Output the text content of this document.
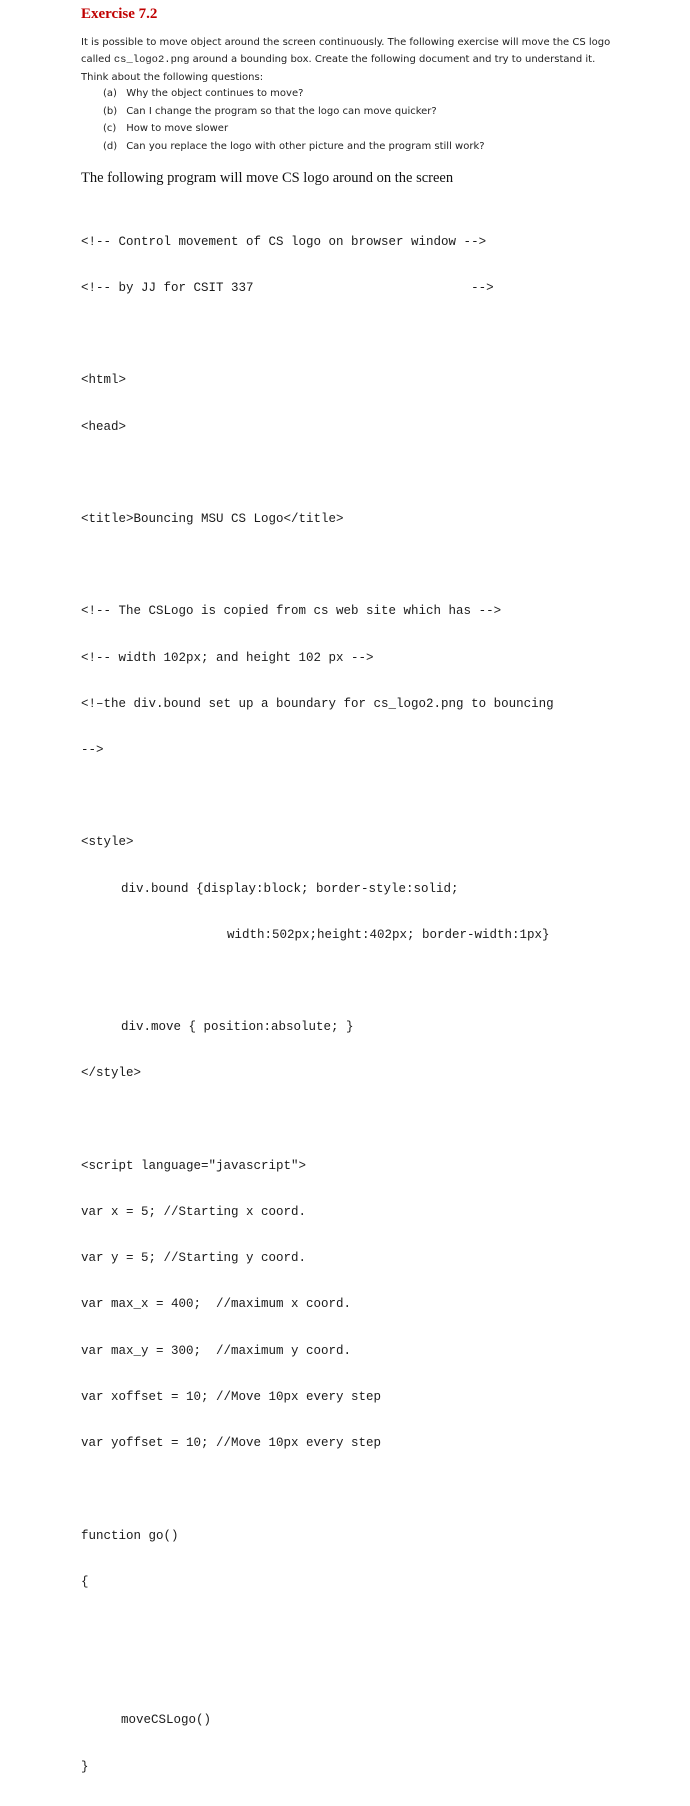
Exercise 7.2

It is possible to move object around the screen continuously. The following exercise will move the CS logo called cs_logo2.png around a bounding box. Create the following document and try to understand it. Think about the following questions:

(a) Why the object continues to move?
(b) Can I change the program so that the logo can move quicker?
(c) How to move slower
(d) Can you replace the logo with other picture and the program still work?
The following program will move CS logo around on the screen

<!-- Control movement of CS logo on browser window -->

<!-- by JJ for CSIT 337                             -->

<html>

<head>

<title>Bouncing MSU CS Logo</title>

<!-- The CSLogo is copied from cs web site which has -->

<!-- width 102px; and height 102 px -->

<!–the div.bound set up a boundary for cs_logo2.png to bouncing

-->

<style>

div.bound {display:block; border-style:solid;

width:502px;height:402px; border-width:1px}

div.move { position:absolute; }

</style>

<script language="javascript">

var x = 5; //Starting x coord.

var y = 5; //Starting y coord.

var max_x = 400;  //maximum x coord.

var max_y = 300;  //maximum y coord.

var xoffset = 10; //Move 10px every step

var yoffset = 10; //Move 10px every step

function go()

{

moveCSLogo()

}
